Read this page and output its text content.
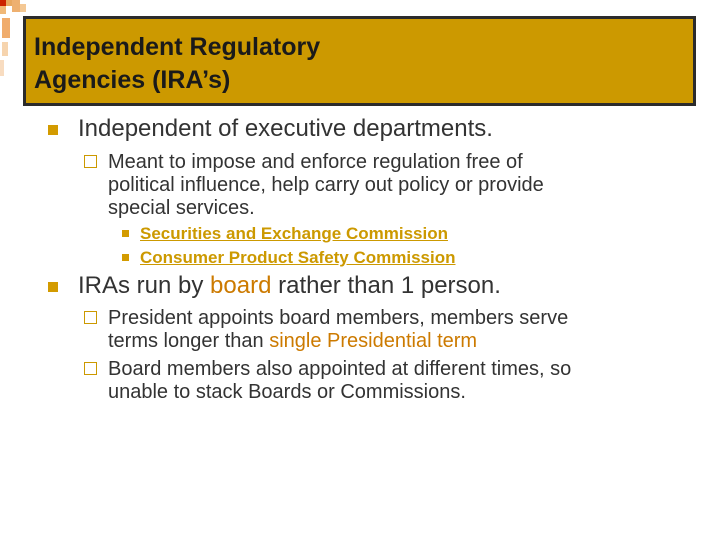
Independent Regulatory
Agencies (IRA’s)
Independent of executive departments.
Meant to impose and enforce regulation free of
political influence, help carry out policy or provide
special services.
Securities and Exchange Commission
Consumer Product Safety Commission
IRAs run by board rather than 1 person.
President appoints board members, members serve
terms longer than single Presidential term
Board members also appointed at different times, so
unable to stack Boards or Commissions.
